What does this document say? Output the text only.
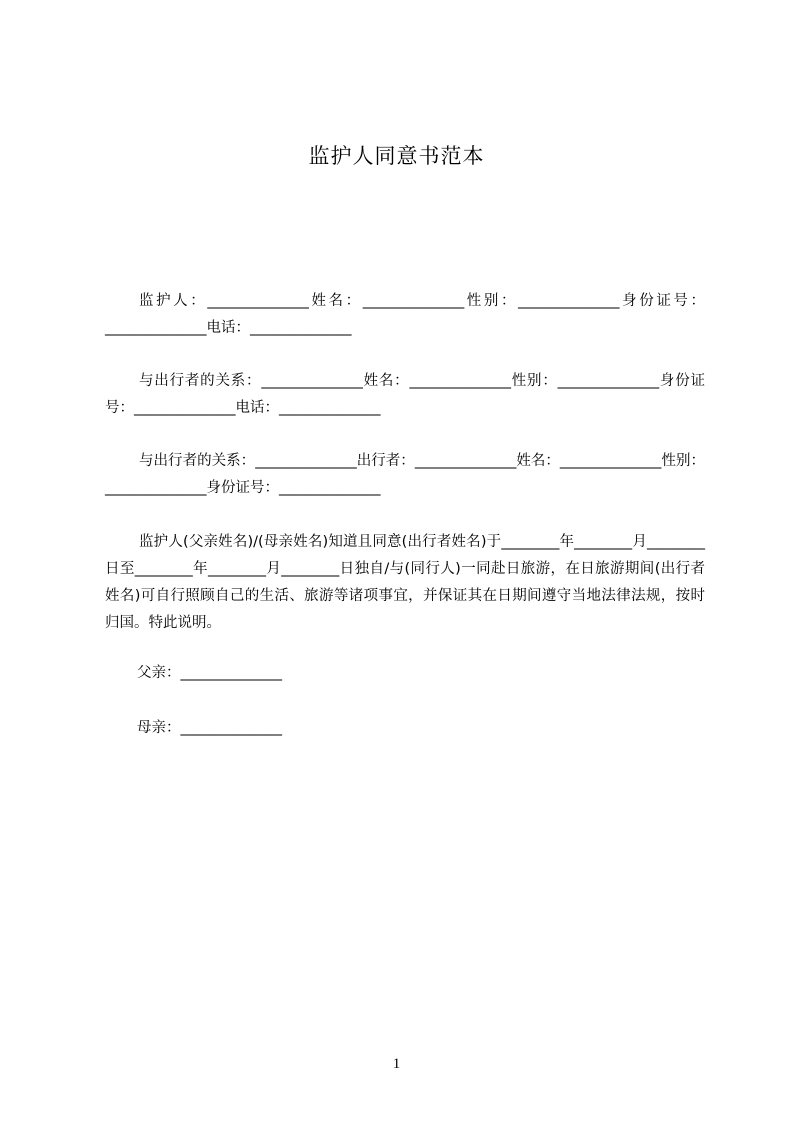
监护人同意书范本
监护人：______________姓名：______________性别：______________身份证号：______________电话：______________
与出行者的关系：______________姓名：______________性别：______________身份证号：______________电话：______________
与出行者的关系：______________出行者：______________姓名：______________性别：______________身份证号：______________
监护人(父亲姓名)/(母亲姓名)知道且同意(出行者姓名)于________年________月________日至________年________月________日独自/与(同行人)一同赴日旅游，在日旅游期间(出行者姓名)可自行照顾自己的生活、旅游等诸项事宜，并保证其在日期间遵守当地法律法规，按时归国。特此说明。
父亲：______________
母亲：______________
1
